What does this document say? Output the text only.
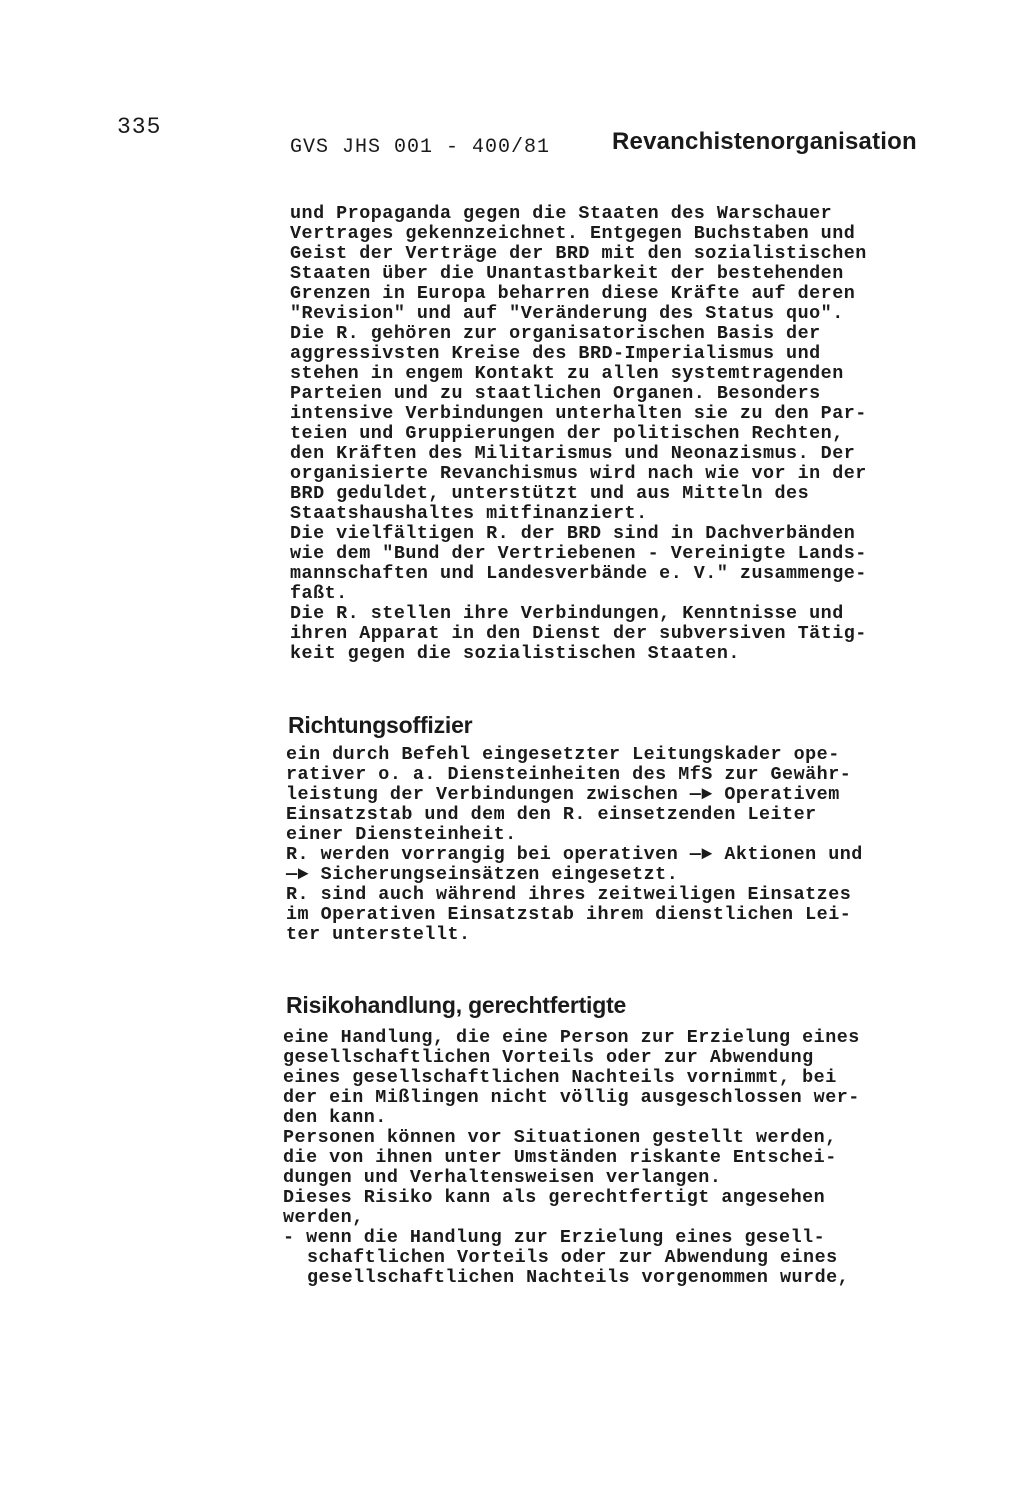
335
GVS JHS 001 - 400/81	Revanchistenorganisation
und Propaganda gegen die Staaten des Warschauer
Vertrages gekennzeichnet. Entgegen Buchstaben und
Geist der Verträge der BRD mit den sozialistischen
Staaten über die Unantastbarkeit der bestehenden
Grenzen in Europa beharren diese Kräfte auf deren
"Revision" und auf "Veränderung des Status quo".
Die R. gehören zur organisatorischen Basis der
aggressivsten Kreise des BRD-Imperialismus und
stehen in engem Kontakt zu allen systemtragenden
Parteien und zu staatlichen Organen. Besonders
intensive Verbindungen unterhalten sie zu den Par-
teien und Gruppierungen der politischen Rechten,
den Kräften des Militarismus und Neonazismus. Der
organisierte Revanchismus wird nach wie vor in der
BRD geduldet, unterstützt und aus Mitteln des
Staatshaushaltes mitfinanziert.
Die vielfältigen R. der BRD sind in Dachverbänden
wie dem "Bund der Vertriebenen - Vereinigte Lands-
mannschaften und Landesverbände e. V." zusammenge-
faßt.
Die R. stellen ihre Verbindungen, Kenntnisse und
ihren Apparat in den Dienst der subversiven Tätig-
keit gegen die sozialistischen Staaten.
Richtungsoffizier
ein durch Befehl eingesetzter Leitungskader ope-
rativer o. a. Diensteinheiten des MfS zur Gewähr-
leistung der Verbindungen zwischen —► Operativem
Einsatzstab und dem den R. einsetzenden Leiter
einer Diensteinheit.
R. werden vorrangig bei operativen —► Aktionen und
—► Sicherungseinsätzen eingesetzt.
R. sind auch während ihres zeitweiligen Einsatzes
im Operativen Einsatzstab ihrem dienstlichen Lei-
ter unterstellt.
Risikohandlung, gerechtfertigte
eine Handlung, die eine Person zur Erzielung eines
gesellschaftlichen Vorteils oder zur Abwendung
eines gesellschaftlichen Nachteils vornimmt, bei
der ein Mißlingen nicht völlig ausgeschlossen wer-
den kann.
Personen können vor Situationen gestellt werden,
die von ihnen unter Umständen riskante Entschei-
dungen und Verhaltensweisen verlangen.
Dieses Risiko kann als gerechtfertigt angesehen
werden,
- wenn die Handlung zur Erzielung eines gesell-
schaftlichen Vorteils oder zur Abwendung eines
gesellschaftlichen Nachteils vorgenommen wurde,
